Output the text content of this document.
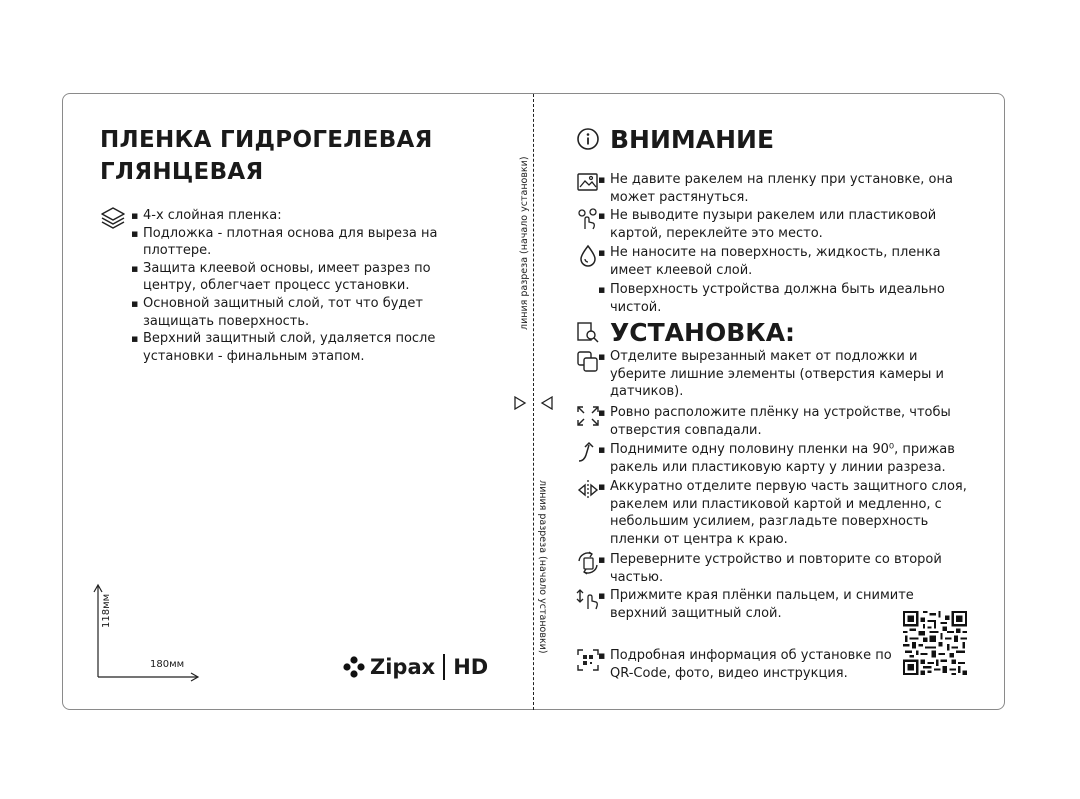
линия разреза (начало установки)
линия разреза (начало установки)
ПЛЕНКА ГИДРОГЕЛЕВАЯ
ГЛЯНЦЕВАЯ
▪ 4-х слойная пленка:
▪ Подложка - плотная основа для выреза на плоттере.
▪ Защита клеевой основы, имеет разрез по центру, облегчает процесс установки.
▪ Основной защитный слой, тот что будет защищать поверхность.
▪ Верхний защитный слой, удаляется после установки - финальным этапом.
180мм
118мм
Zipax HD
ВНИМАНИЕ
▪ Не давите ракелем на пленку при установке, она может растянуться.
▪ Не выводите пузыри ракелем или пластиковой картой, переклейте это место.
▪ Не наносите на поверхность, жидкость, пленка имеет клеевой слой.
▪ Поверхность устройства должна быть идеально чистой.
УСТАНОВКА:
▪ Отделите вырезанный макет от подложки и уберите лишние элементы (отверстия камеры и датчиков).
▪ Ровно расположите плёнку на устройстве, чтобы отверстия совпадали.
▪ Поднимите одну половину пленки на 90⁰, прижав ракель или пластиковую карту у линии разреза.
▪ Аккуратно отделите первую часть защитного слоя, ракелем или пластиковой картой и медленно, с небольшим усилием, разгладьте поверхность пленки от центра к краю.
▪ Переверните устройство и повторите со второй частью.
▪ Прижмите края плёнки пальцем, и снимите верхний защитный слой.
▪ Подробная информация об установке по QR-Code, фото, видео инструкция.
